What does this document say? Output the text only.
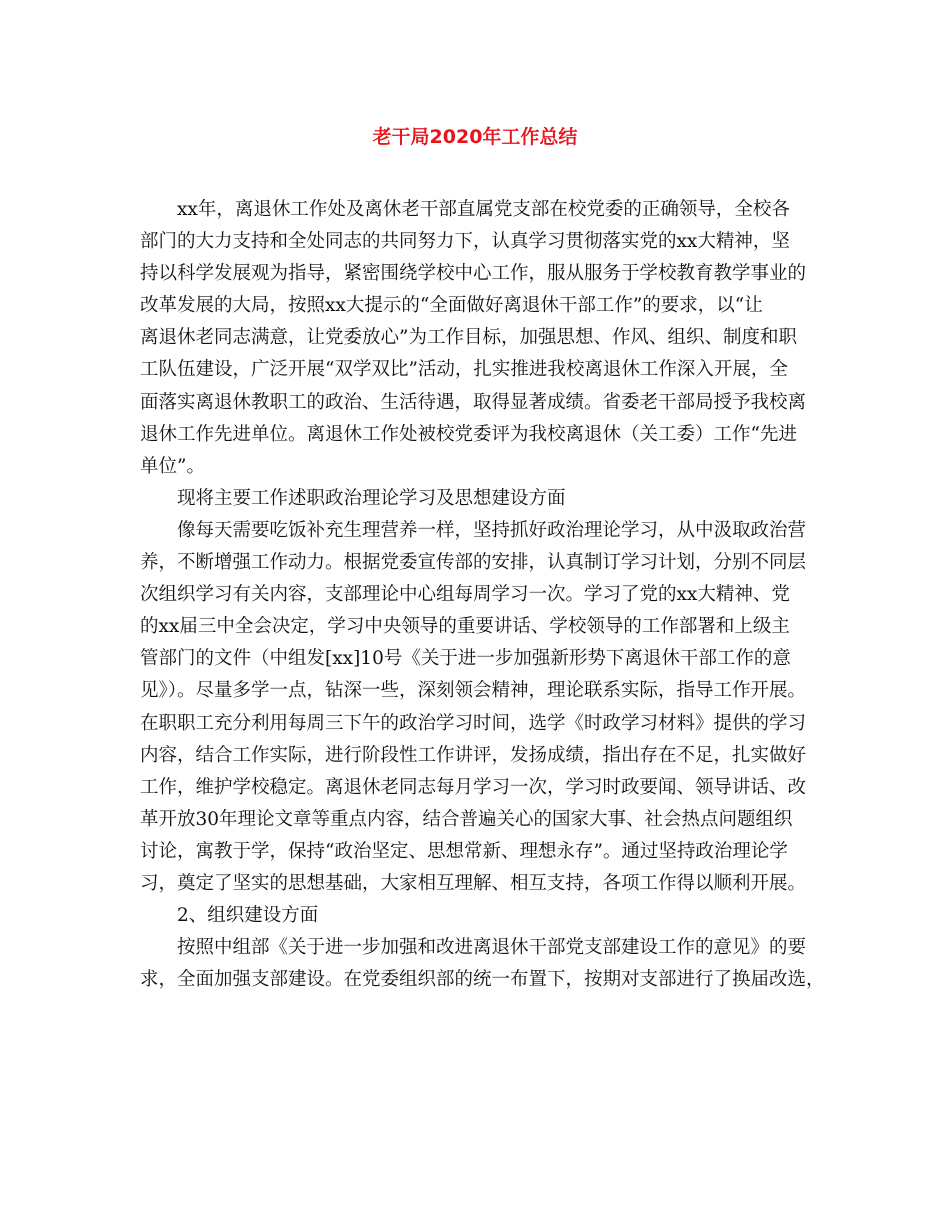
老干局2020年工作总结
xx年，离退休工作处及离休老干部直属党支部在校党委的正确领导，全校各
部门的大力支持和全处同志的共同努力下，认真学习贯彻落实党的xx大精神，坚
持以科学发展观为指导，紧密围绕学校中心工作，服从服务于学校教育教学事业的
改革发展的大局，按照xx大提示的“全面做好离退休干部工作”的要求，以“让
离退休老同志满意，让党委放心”为工作目标，加强思想、作风、组织、制度和职
工队伍建设，广泛开展“双学双比”活动，扎实推进我校离退休工作深入开展，全
面落实离退休教职工的政治、生活待遇，取得显著成绩。省委老干部局授予我校离
退休工作先进单位。离退休工作处被校党委评为我校离退休（关工委）工作“先进
单位”。
现将主要工作述职政治理论学习及思想建设方面
像每天需要吃饭补充生理营养一样，坚持抓好政治理论学习，从中汲取政治营
养，不断增强工作动力。根据党委宣传部的安排，认真制订学习计划，分别不同层
次组织学习有关内容，支部理论中心组每周学习一次。学习了党的xx大精神、党
的xx届三中全会决定，学习中央领导的重要讲话、学校领导的工作部署和上级主
管部门的文件（中组发[xx]10号《关于进一步加强新形势下离退休干部工作的意
见》）。尽量多学一点，钻深一些，深刻领会精神，理论联系实际，指导工作开展。
在职职工充分利用每周三下午的政治学习时间，选学《时政学习材料》提供的学习
内容，结合工作实际，进行阶段性工作讲评，发扬成绩，指出存在不足，扎实做好
工作，维护学校稳定。离退休老同志每月学习一次，学习时政要闻、领导讲话、改
革开放30年理论文章等重点内容，结合普遍关心的国家大事、社会热点问题组织
讨论，寓教于学，保持“政治坚定、思想常新、理想永存”。通过坚持政治理论学
习，奠定了坚实的思想基础，大家相互理解、相互支持，各项工作得以顺利开展。
2、组织建设方面
按照中组部《关于进一步加强和改进离退休干部党支部建设工作的意见》的要
求，全面加强支部建设。在党委组织部的统一布置下，按期对支部进行了换届改选，
